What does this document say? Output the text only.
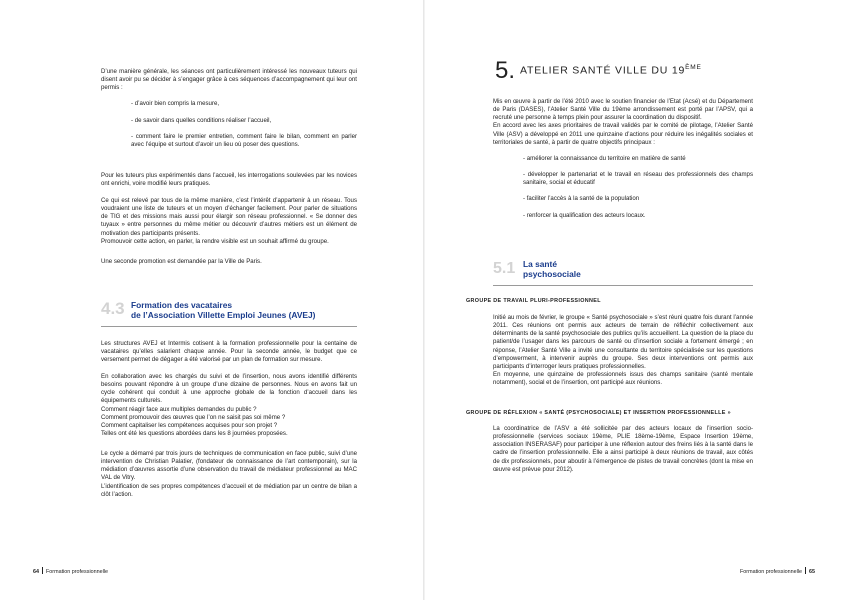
D’une manière générale, les séances ont particulièrement intéressé les nouveaux tuteurs qui disent avoir pu se décider à s’engager grâce à ces séquences d’accompagnement qui leur ont permis :

- d’avoir bien compris la mesure,

- de savoir dans quelles conditions réaliser l’accueil,

- comment faire le premier entretien, comment faire le bilan, comment en parler avec l’équipe et surtout d’avoir un lieu où poser des questions.

Pour les tuteurs plus expérimentés dans l’accueil, les interrogations soulevées par les novices ont enrichi, voire modifié leurs pratiques.

Ce qui est relevé par tous de la même manière, c’est l’intérêt d’appartenir à un réseau. Tous voudraient une liste de tuteurs et un moyen d’échanger facilement. Pour parler de situations de TIG et des missions mais aussi pour élargir son réseau professionnel. « Se donner des tuyaux » entre personnes du même métier ou découvrir d’autres métiers est un élément de motivation des participants présents.

Promouvoir cette action, en parler, la rendre visible est un souhait affirmé du groupe.

Une seconde promotion est demandée par la Ville de Paris.

4.3 Formation des vacataires
de l’Association Villette Emploi Jeunes (AVEJ)

Les structures AVEJ et Intermis cotisent à la formation professionnelle pour la centaine de vacataires qu’elles salarient chaque année. Pour la seconde année, le budget que ce versement permet de dégager a été valorisé par un plan de formation sur mesure.

En collaboration avec les chargés du suivi et de l’insertion, nous avons identifié différents besoins pouvant répondre à un groupe d’une dizaine de personnes. Nous en avons fait un cycle cohérent qui conduit à une approche globale de la fonction d’accueil dans les équipements culturels.

Comment réagir face aux multiples demandes du public ?

Comment promouvoir des œuvres que l’on ne saisit pas soi même ?

Comment capitaliser les compétences acquises pour son projet ?

Telles ont été les questions abordées dans les 8 journées proposées.

Le cycle a démarré par trois jours de techniques de communication en face public, suivi d’une intervention de Christian Palatier, (fondateur de connaissance de l’art contemporain), sur la médiation d’œuvres assortie d’une observation du travail de médiateur professionnel au MAC VAL de Vitry.

L’identification de ses propres compétences d’accueil et de médiation par un centre de bilan a clôt l’action.

64 Formation professionnelle
5. ATELIER SANTÉ VILLE DU 19ÈME

Mis en œuvre à partir de l’été 2010 avec le soutien financier de l’Etat (Acsé) et du Département de Paris (DASES), l’Atelier Santé Ville du 19ème arrondissement est porté par l’APSV, qui a recruté une personne à temps plein pour assurer la coordination du dispositif.

En accord avec les axes prioritaires de travail validés par le comité de pilotage, l’Atelier Santé Ville (ASV) a développé en 2011 une quinzaine d’actions pour réduire les inégalités sociales et territoriales de santé, à partir de quatre objectifs principaux :

- améliorer la connaissance du territoire en matière de santé

- développer le partenariat et le travail en réseau des professionnels des champs sanitaire, social et éducatif

- faciliter l’accès à la santé de la population

- renforcer la qualification des acteurs locaux.

5.1 La santé
psychosociale
GROUPE DE TRAVAIL PLURI-PROFESSIONNEL

Initié au mois de février, le groupe « Santé psychosociale » s’est réuni quatre fois durant l’année 2011. Ces réunions ont permis aux acteurs de terrain de réfléchir collectivement aux déterminants de la santé psychosociale des publics qu’ils accueillent. La question de la place du patient/de l’usager dans les parcours de santé ou d’insertion sociale a fortement émergé ; en réponse, l’Atelier Santé Ville a invité une consultante du territoire spécialisée sur les questions d’empowerment, à intervenir auprès du groupe. Ses deux interventions ont permis aux participants d’interroger leurs pratiques professionnelles.

En moyenne, une quinzaine de professionnels issus des champs sanitaire (santé mentale notamment), social et de l’insertion, ont participé aux réunions.

GROUPE DE RÉFLEXION « SANTÉ (PSYCHOSOCIALE) ET INSERTION PROFESSIONNELLE »

La coordinatrice de l’ASV a été sollicitée par des acteurs locaux de l’insertion socio-professionnelle (services sociaux 19ème, PLIE 18ème-19ème, Espace Insertion 19ème, association INSERASAF) pour participer à une réflexion autour des freins liés à la santé dans le cadre de l’insertion professionnelle. Elle a ainsi participé à deux réunions de travail, aux côtés de dix professionnels, pour aboutir à l’émergence de pistes de travail concrètes (dont la mise en œuvre est prévue pour 2012).

Formation professionnelle 65
